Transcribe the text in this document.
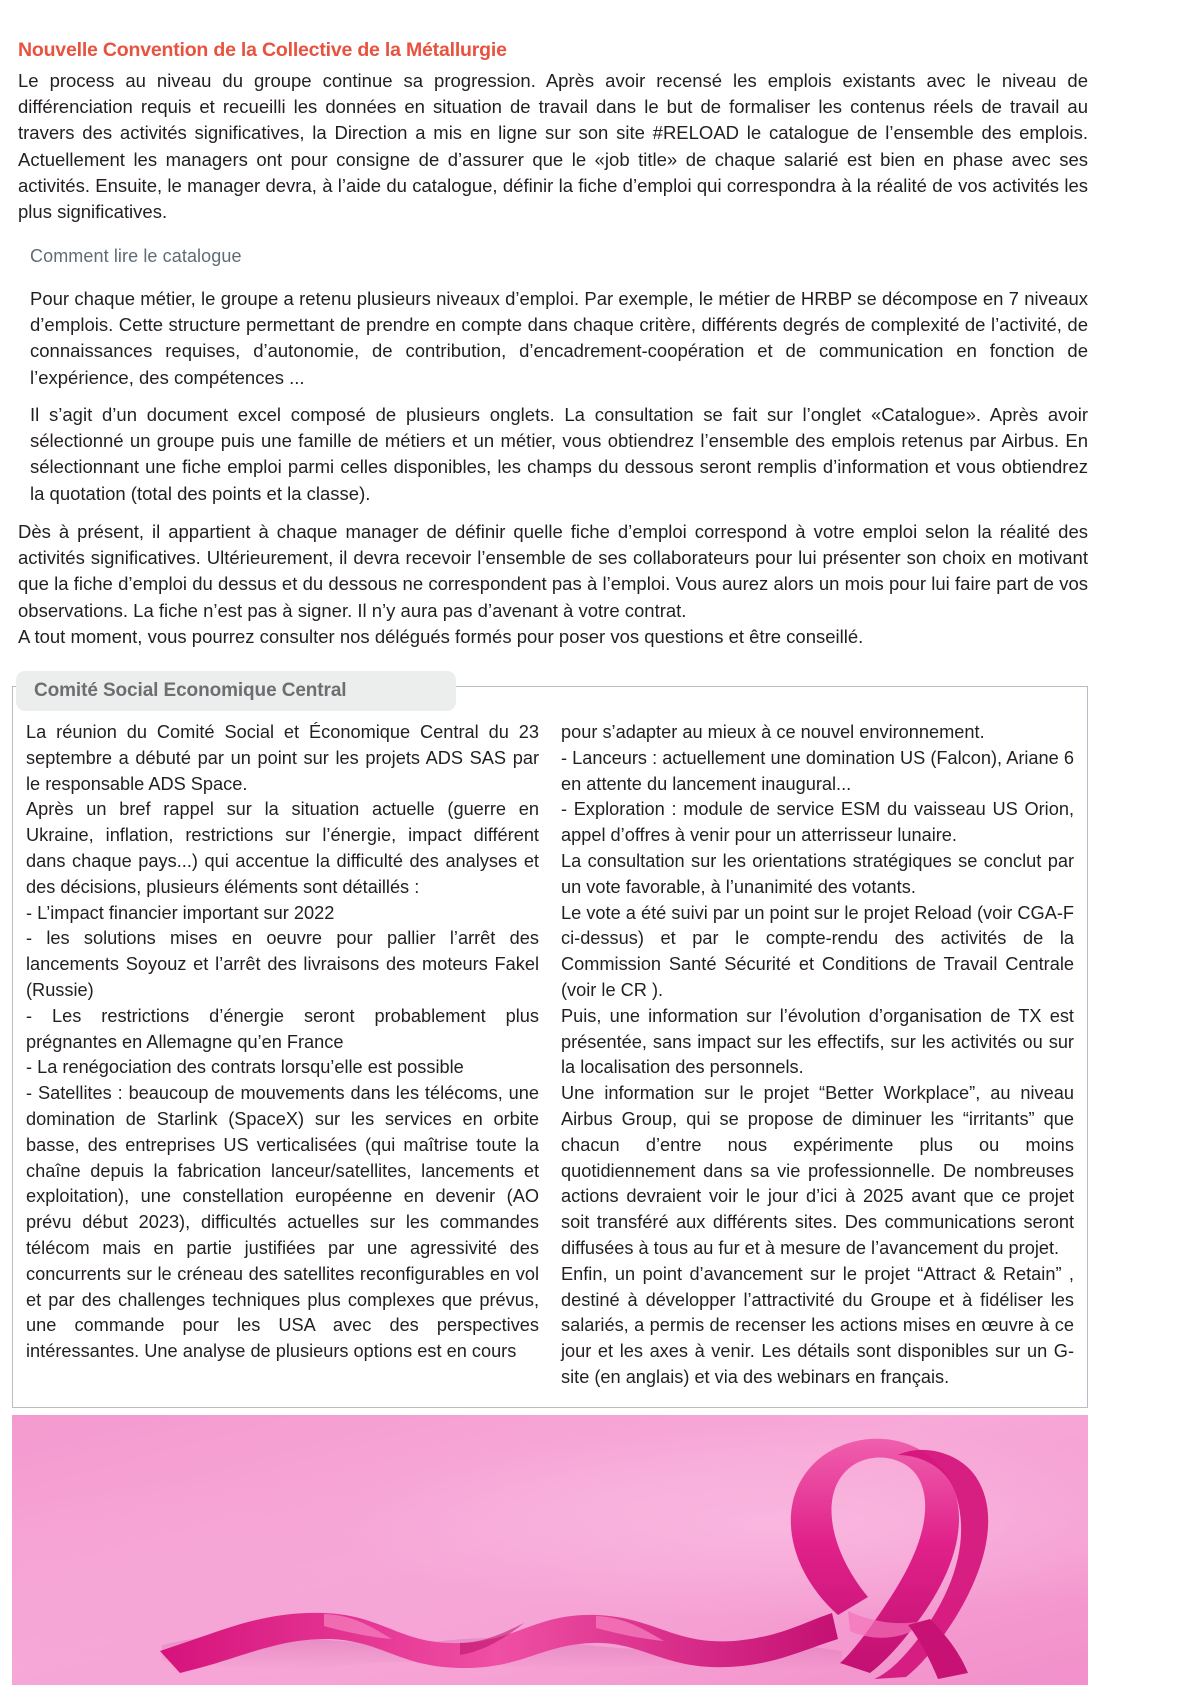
Nouvelle Convention de la Collective de la Métallurgie
Le process au niveau du groupe continue sa progression. Après avoir recensé les emplois existants avec le niveau de différenciation requis et recueilli les données en situation de travail dans le but de formaliser les contenus réels de travail au travers des activités significatives, la Direction a mis en ligne sur son site #RELOAD le catalogue de l’ensemble des emplois. Actuellement les managers ont pour consigne de d’assurer que le «job title» de chaque salarié est bien en phase avec ses activités. Ensuite, le manager devra, à l’aide du catalogue, définir la fiche d’emploi qui correspondra à la réalité de vos activités les plus significatives.
Comment lire le catalogue
Pour chaque métier, le groupe a retenu plusieurs niveaux d’emploi. Par exemple, le métier de HRBP se décompose en 7 niveaux d’emplois. Cette structure permettant de prendre en compte dans chaque critère, différents degrés de complexité de l’activité, de connaissances requises, d’autonomie, de contribution, d’encadrement-coopération et de communication en fonction de l’expérience, des compétences ...
Il s’agit d’un document excel composé de plusieurs onglets. La consultation se fait sur l’onglet «Catalogue». Après avoir sélectionné un groupe puis une famille de métiers et un métier, vous obtiendrez l’ensemble des emplois retenus par Airbus. En sélectionnant une fiche emploi parmi celles disponibles, les champs du dessous seront remplis d’information et vous obtiendrez la quotation (total des points et la classe).
Dès à présent, il appartient à chaque manager de définir quelle fiche d’emploi correspond à votre emploi selon la réalité des activités significatives. Ultérieurement, il devra recevoir l’ensemble de ses collaborateurs pour lui présenter son choix en motivant que la fiche d’emploi du dessus et du dessous ne correspondent pas à l’emploi. Vous aurez alors un mois pour lui faire part de vos observations. La fiche n’est pas à signer. Il n’y aura pas d’avenant à votre contrat.
A tout moment, vous pourrez consulter nos délégués formés pour poser vos questions et être conseillé.
Comité Social Economique Central

La réunion du Comité Social et Économique Central du 23 septembre a débuté par un point sur les projets ADS SAS par le responsable ADS Space.

Après un bref rappel sur la situation actuelle (guerre en Ukraine, inflation, restrictions sur l’énergie, impact différent dans chaque pays...) qui accentue la difficulté des analyses et des décisions, plusieurs éléments sont détaillés :

- L’impact financier important sur 2022

- les solutions mises en oeuvre pour pallier l’arrêt des lancements Soyouz et l’arrêt des livraisons des moteurs Fakel (Russie)

- Les restrictions d’énergie seront probablement plus prégnantes en Allemagne qu’en France

- La renégociation des contrats lorsqu’elle est possible

- Satellites : beaucoup de mouvements dans les télécoms, une domination de Starlink (SpaceX) sur les services en orbite basse, des entreprises US verticalisées (qui maîtrise toute la chaîne depuis la fabrication lanceur/satellites, lancements et exploitation), une constellation européenne en devenir (AO prévu début 2023), difficultés actuelles sur les commandes télécom mais en partie justifiées par une agressivité des concurrents sur le créneau des satellites reconfigurables en vol et par des challenges techniques plus complexes que prévus, une commande pour les USA avec des perspectives intéressantes. Une analyse de plusieurs options est en cours

pour s’adapter au mieux à ce nouvel environnement.

- Lanceurs : actuellement une domination US (Falcon), Ariane 6 en attente du lancement inaugural...

- Exploration : module de service ESM du vaisseau US Orion, appel d’offres à venir pour un atterrisseur lunaire.

La consultation sur les orientations stratégiques se conclut par un vote favorable, à l’unanimité des votants.

Le vote a été suivi par un point sur le projet Reload (voir CGA-F ci-dessus) et par le compte-rendu des activités de la Commission Santé Sécurité et Conditions de Travail Centrale (voir le CR ).

Puis, une information sur l’évolution d’organisation de TX est présentée, sans impact sur les effectifs, sur les activités ou sur la localisation des personnels.

Une information sur le projet “Better Workplace”, au niveau Airbus Group, qui se propose de diminuer les “irritants” que chacun d’entre nous expérimente plus ou moins quotidiennement dans sa vie professionnelle. De nombreuses actions devraient voir le jour d’ici à 2025 avant que ce projet soit transféré aux différents sites. Des communications seront diffusées à tous au fur et à mesure de l’avancement du projet.

Enfin, un point d’avancement sur le projet “Attract & Retain” , destiné à développer l’attractivité du Groupe et à fidéliser les salariés, a permis de recenser les actions mises en œuvre à ce jour et les axes à venir. Les détails sont disponibles sur un G-site (en anglais) et via des webinars en français.
